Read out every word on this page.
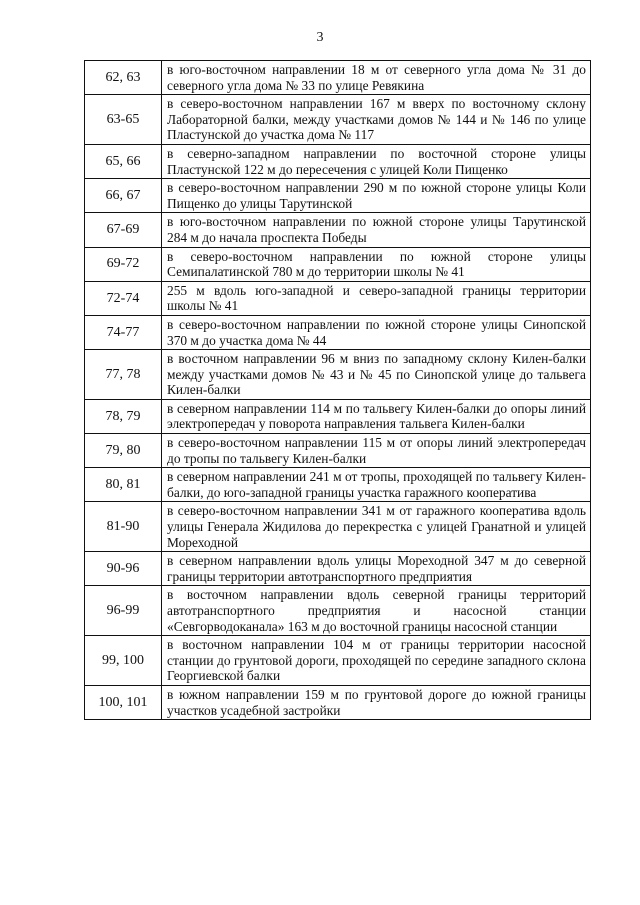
3
62, 63	в юго-восточном направлении 18 м от северного угла дома № 31 до северного угла дома № 33 по улице Ревякина
63-65	в северо-восточном направлении 167 м вверх по восточному склону Лабораторной балки, между участками домов № 144 и № 146 по улице Пластунской до участка дома № 117
65, 66	в северно-западном направлении по восточной стороне улицы Пластунской 122 м до пересечения с улицей Коли Пищенко
66, 67	в северо-восточном направлении 290 м по южной стороне улицы Коли Пищенко до улицы Тарутинской
67-69	в юго-восточном направлении по южной стороне улицы Тарутинской 284 м до начала проспекта Победы
69-72	в северо-восточном направлении по южной стороне улицы Семипалатинской 780 м до территории школы № 41
72-74	255 м вдоль юго-западной и северо-западной границы территории школы № 41
74-77	в северо-восточном направлении по южной стороне улицы Синопской 370 м до участка дома № 44
77, 78	в восточном направлении 96 м вниз по западному склону Килен-балки между участками домов № 43 и № 45 по Синопской улице до тальвега Килен-балки
78, 79	в северном направлении 114 м по тальвегу Килен-балки до опоры линий электропередач у поворота направления тальвега Килен-балки
79, 80	в северо-восточном направлении 115 м от опоры линий электропередач до тропы по тальвегу Килен-балки
80, 81	в северном направлении 241 м от тропы, проходящей по тальвегу Килен-балки, до юго-западной границы участка гаражного кооператива
81-90	в северо-восточном направлении 341 м от гаражного кооператива вдоль улицы Генерала Жидилова до перекрестка с улицей Гранатной и улицей Мореходной
90-96	в северном направлении вдоль улицы Мореходной 347 м до северной границы территории автотранспортного предприятия
96-99	в восточном направлении вдоль северной границы территорий автотранспортного предприятия и насосной станции «Севгорводоканала» 163 м до восточной границы насосной станции
99, 100	в восточном направлении 104 м от границы территории насосной станции до грунтовой дороги, проходящей по середине западного склона Георгиевской балки
100, 101	в южном направлении 159 м по грунтовой дороге до южной границы участков усадебной застройки
